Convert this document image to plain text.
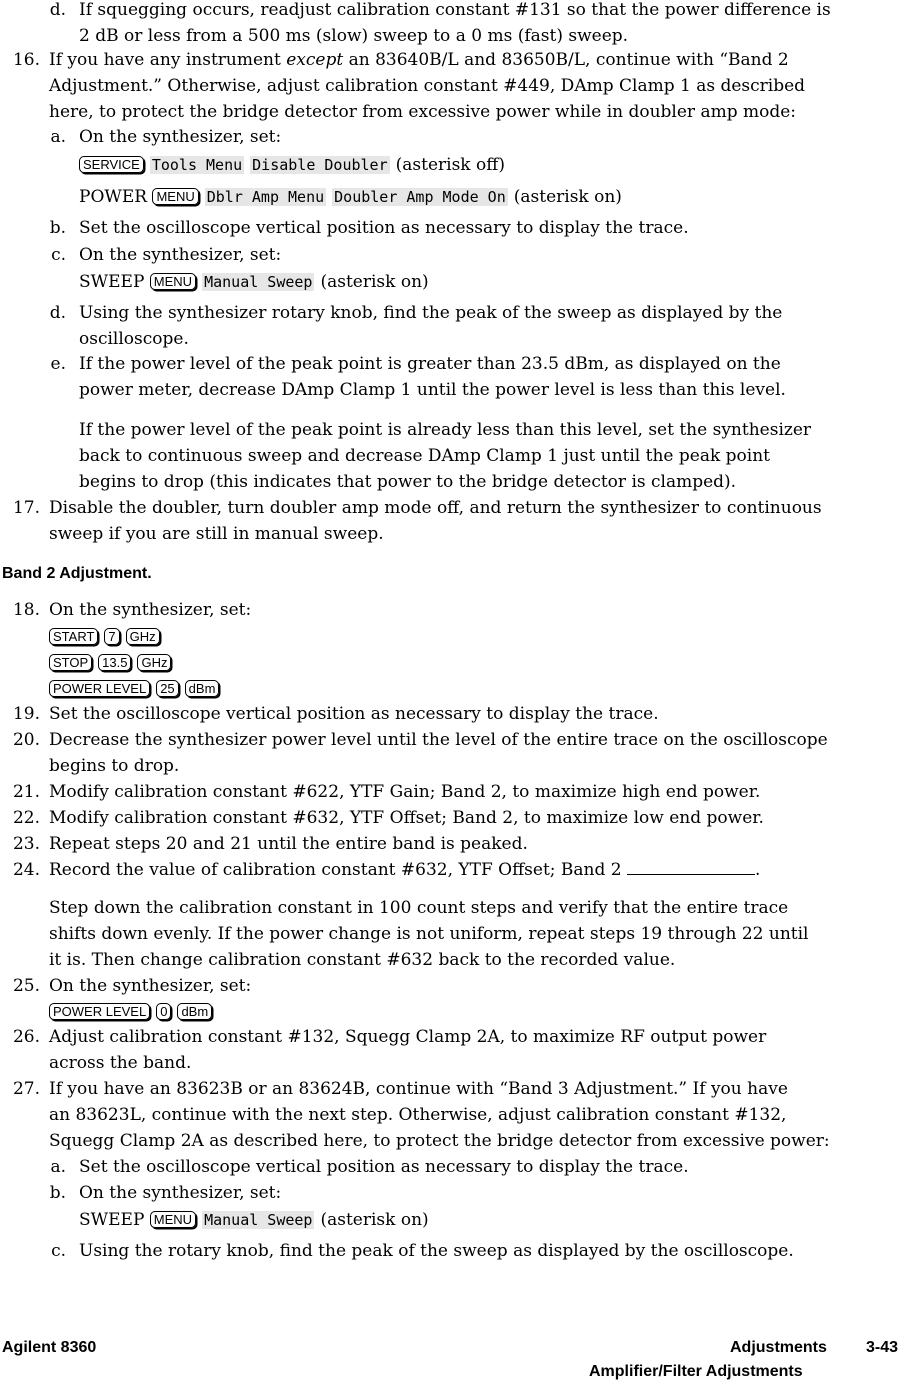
d. If squegging occurs, readjust calibration constant #131 so that the power difference is
2 dB or less from a 500 ms (slow) sweep to a 0 ms (fast) sweep.
16. If you have any instrument except an 83640B/L and 83650B/L, continue with “Band 2
Adjustment.” Otherwise, adjust calibration constant #449, DAmp Clamp 1 as described
here, to protect the bridge detector from excessive power while in doubler amp mode:
a. On the synthesizer, set:
SERVICE Tools Menu Disable Doubler (asterisk off)
POWER MENU Dblr Amp Menu Doubler Amp Mode On (asterisk on)
b. Set the oscilloscope vertical position as necessary to display the trace.
c. On the synthesizer, set:
SWEEP MENU Manual Sweep (asterisk on)
d. Using the synthesizer rotary knob, find the peak of the sweep as displayed by the
oscilloscope.
e. If the power level of the peak point is greater than 23.5 dBm, as displayed on the
power meter, decrease DAmp Clamp 1 until the power level is less than this level.
If the power level of the peak point is already less than this level, set the synthesizer
back to continuous sweep and decrease DAmp Clamp 1 just until the peak point
begins to drop (this indicates that power to the bridge detector is clamped).
17. Disable the doubler, turn doubler amp mode off, and return the synthesizer to continuous
sweep if you are still in manual sweep.
Band 2 Adjustment.
18. On the synthesizer, set:
START 7 GHz
STOP 13.5 GHz
POWER LEVEL 25 dBm
19. Set the oscilloscope vertical position as necessary to display the trace.
20. Decrease the synthesizer power level until the level of the entire trace on the oscilloscope
begins to drop.
21. Modify calibration constant #622, YTF Gain; Band 2, to maximize high end power.
22. Modify calibration constant #632, YTF Offset; Band 2, to maximize low end power.
23. Repeat steps 20 and 21 until the entire band is peaked.
24. Record the value of calibration constant #632, YTF Offset; Band 2	.
Step down the calibration constant in 100 count steps and verify that the entire trace
shifts down evenly. If the power change is not uniform, repeat steps 19 through 22 until
it is. Then change calibration constant #632 back to the recorded value.
25. On the synthesizer, set:
POWER LEVEL 0 dBm
26. Adjust calibration constant #132, Squegg Clamp 2A, to maximize RF output power
across the band.
27. If you have an 83623B or an 83624B, continue with “Band 3 Adjustment.” If you have
an 83623L, continue with the next step. Otherwise, adjust calibration constant #132,
Squegg Clamp 2A as described here, to protect the bridge detector from excessive power:
a. Set the oscilloscope vertical position as necessary to display the trace.
b. On the synthesizer, set:
SWEEP MENU Manual Sweep (asterisk on)
c. Using the rotary knob, find the peak of the sweep as displayed by the oscilloscope.
Agilent 8360	Adjustments 3-43
Amplifier/Filter Adjustments
